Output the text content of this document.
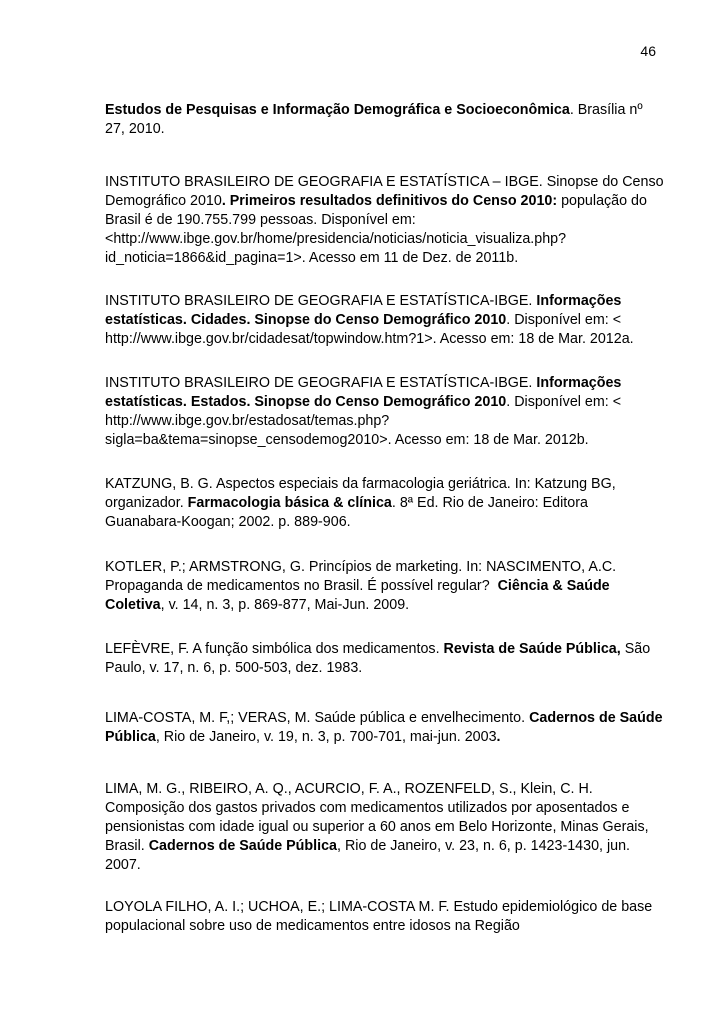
46

Estudos de Pesquisas e Informação Demográfica e Socioeconômica. Brasília nº 27, 2010.

INSTITUTO BRASILEIRO DE GEOGRAFIA E ESTATÍSTICA – IBGE. Sinopse do Censo Demográfico 2010. Primeiros resultados definitivos do Censo 2010: população do Brasil é de 190.755.799 pessoas. Disponível em: <http://www.ibge.gov.br/home/presidencia/noticias/noticia_visualiza.php?id_noticia=1866&id_pagina=1>. Acesso em 11 de Dez. de 2011b.

INSTITUTO BRASILEIRO DE GEOGRAFIA E ESTATÍSTICA-IBGE. Informações estatísticas. Cidades. Sinopse do Censo Demográfico 2010. Disponível em: < http://www.ibge.gov.br/cidadesat/topwindow.htm?1>. Acesso em: 18 de Mar. 2012a.

INSTITUTO BRASILEIRO DE GEOGRAFIA E ESTATÍSTICA-IBGE. Informações estatísticas. Estados. Sinopse do Censo Demográfico 2010. Disponível em: < http://www.ibge.gov.br/estadosat/temas.php?sigla=ba&tema=sinopse_censodemog2010>. Acesso em: 18 de Mar. 2012b.

KATZUNG, B. G. Aspectos especiais da farmacologia geriátrica. In: Katzung BG, organizador. Farmacologia básica & clínica. 8ª Ed. Rio de Janeiro: Editora Guanabara-Koogan; 2002. p. 889-906.

KOTLER, P.; ARMSTRONG, G. Princípios de marketing. In: NASCIMENTO, A.C. Propaganda de medicamentos no Brasil. É possível regular?  Ciência & Saúde Coletiva, v. 14, n. 3, p. 869-877, Mai-Jun. 2009.

LEFÈVRE, F. A função simbólica dos medicamentos. Revista de Saúde Pública, São Paulo, v. 17, n. 6, p. 500-503, dez. 1983.

LIMA-COSTA, M. F,; VERAS, M. Saúde pública e envelhecimento. Cadernos de Saúde Pública, Rio de Janeiro, v. 19, n. 3, p. 700-701, mai-jun. 2003.

LIMA, M. G., RIBEIRO, A. Q., ACURCIO, F. A., ROZENFELD, S., Klein, C. H. Composição dos gastos privados com medicamentos utilizados por aposentados e pensionistas com idade igual ou superior a 60 anos em Belo Horizonte, Minas Gerais, Brasil. Cadernos de Saúde Pública, Rio de Janeiro, v. 23, n. 6, p. 1423-1430, jun. 2007.

LOYOLA FILHO, A. I.; UCHOA, E.; LIMA-COSTA M. F. Estudo epidemiológico de base populacional sobre uso de medicamentos entre idosos na Região
